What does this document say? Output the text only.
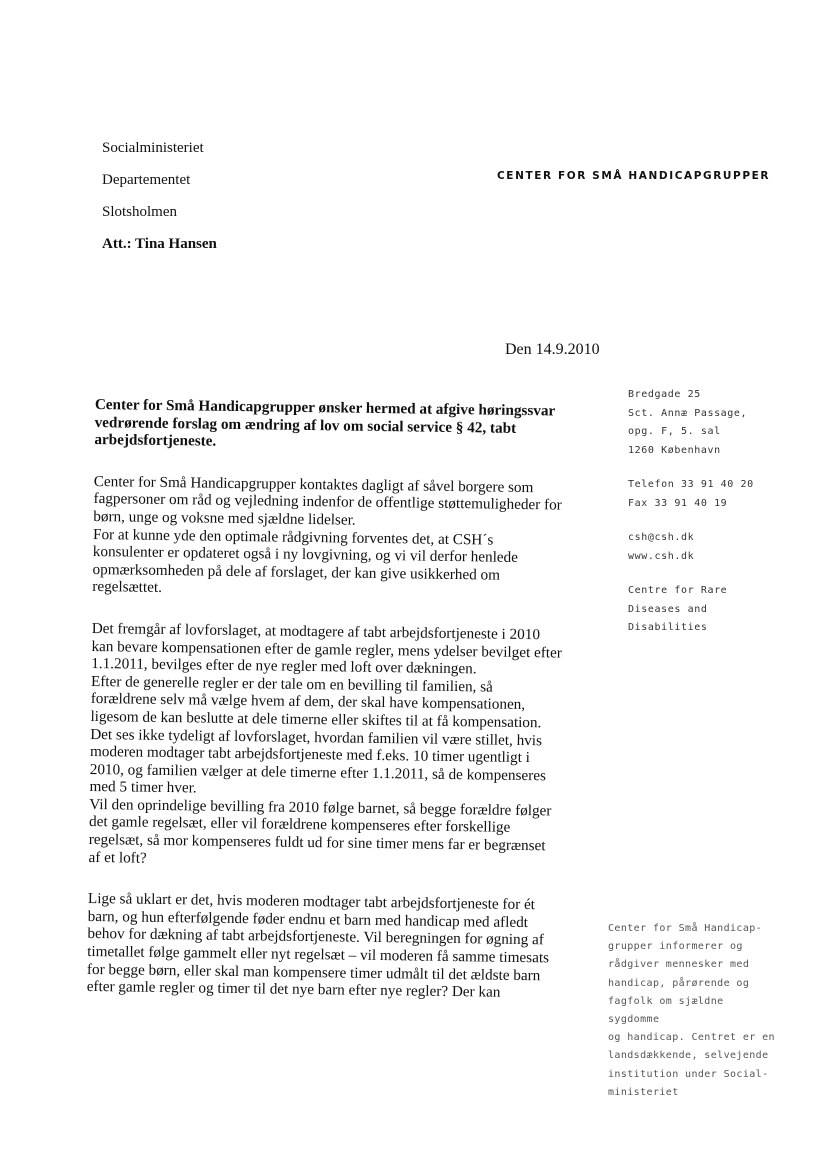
Socialministeriet
Departementet
Slotsholmen
Att.: Tina Hansen
CENTER FOR SMÅ HANDICAPGRUPPER
Den 14.9.2010
Bredgade 25
Sct. Annæ Passage,
opg. F, 5. sal
1260 København
Telefon 33 91 40 20
Fax 33 91 40 19
csh@csh.dk
www.csh.dk
Centre for Rare
Diseases and
Disabilities
Center for Små Handicap-
grupper informerer og
rådgiver mennesker med
handicap, pårørende og
fagfolk om sjældne
sygdomme
og handicap. Centret er en
landsdækkende, selvejende
institution under Social-
ministeriet
Center for Små Handicapgrupper ønsker hermed at afgive høringssvar
vedrørende forslag om ændring af lov om social service § 42, tabt
arbejdsfortjeneste.
Center for Små Handicapgrupper kontaktes dagligt af såvel borgere som
fagpersoner om råd og vejledning indenfor de offentlige støttemuligheder for
børn, unge og voksne med sjældne lidelser.
For at kunne yde den optimale rådgivning forventes det, at CSH´s
konsulenter er opdateret også i ny lovgivning, og vi vil derfor henlede
opmærksomheden på dele af forslaget, der kan give usikkerhed om
regelsættet.
Det fremgår af lovforslaget, at modtagere af tabt arbejdsfortjeneste i 2010
kan bevare kompensationen efter de gamle regler, mens ydelser bevilget efter
1.1.2011, bevilges efter de nye regler med loft over dækningen.
Efter de generelle regler er der tale om en bevilling til familien, så
forældrene selv må vælge hvem af dem, der skal have kompensationen,
ligesom de kan beslutte at dele timerne eller skiftes til at få kompensation.
Det ses ikke tydeligt af lovforslaget, hvordan familien vil være stillet, hvis
moderen modtager tabt arbejdsfortjeneste med f.eks. 10 timer ugentligt i
2010, og familien vælger at dele timerne efter 1.1.2011, så de kompenseres
med 5 timer hver.
Vil den oprindelige bevilling fra 2010 følge barnet, så begge forældre følger
det gamle regelsæt, eller vil forældrene kompenseres efter forskellige
regelsæt, så mor kompenseres fuldt ud for sine timer mens far er begrænset
af et loft?
Lige så uklart er det, hvis moderen modtager tabt arbejdsfortjeneste for ét
barn, og hun efterfølgende føder endnu et barn med handicap med afledt
behov for dækning af tabt arbejdsfortjeneste. Vil beregningen for øgning af
timetallet følge gammelt eller nyt regelsæt – vil moderen få samme timesats
for begge børn, eller skal man kompensere timer udmålt til det ældste barn
efter gamle regler og timer til det nye barn efter nye regler? Der kan
